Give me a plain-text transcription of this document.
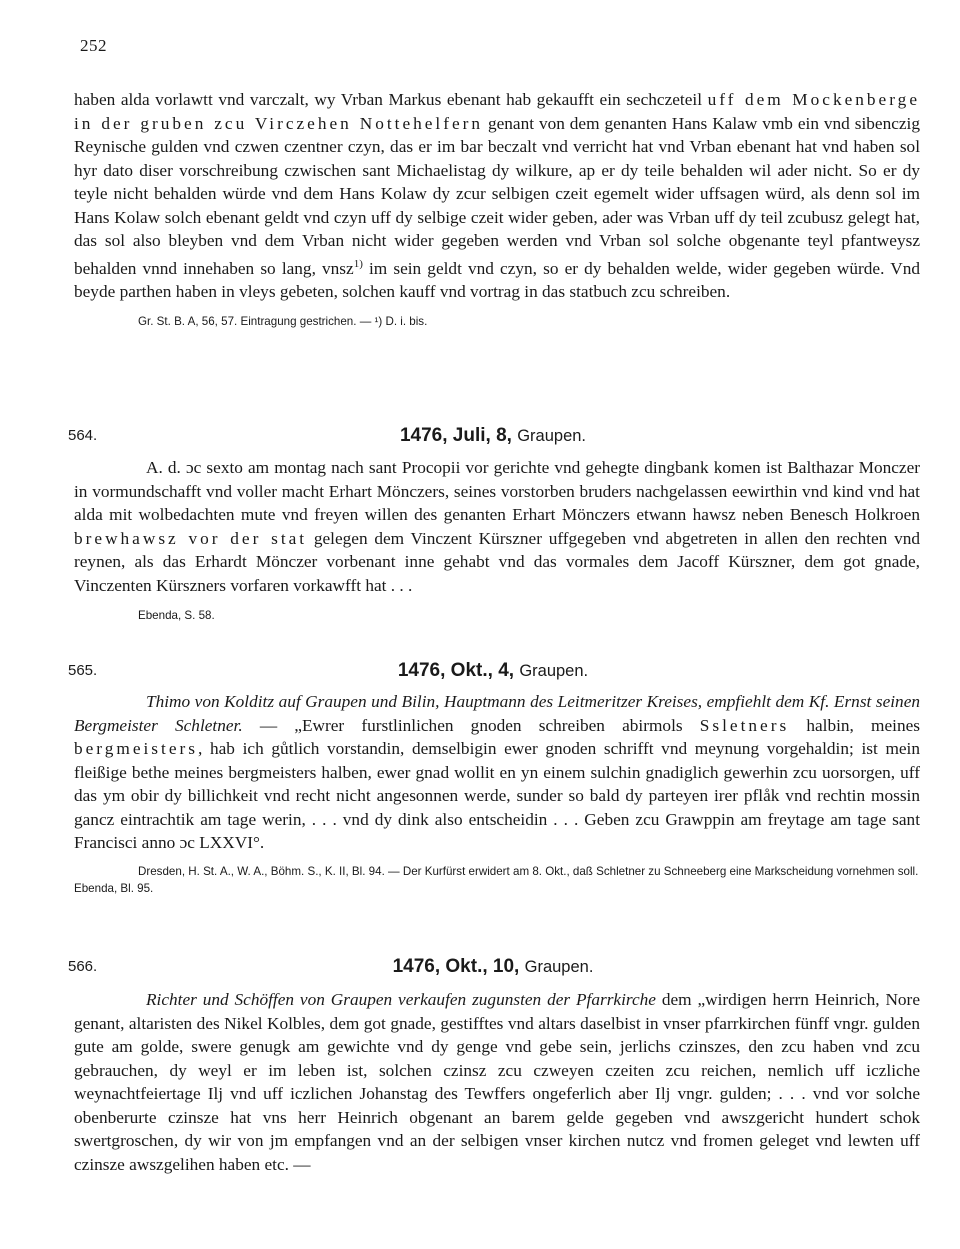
252

haben alda vorlawtt vnd varczalt, wy Vrban Markus ebenant hab gekaufft ein sechczeteil uff dem Mockenberge in der gruben zcu Virczehen Nottehelfern genant von dem genanten Hans Kalaw vmb ein vnd sibenczig Reynische gulden vnd czwen czentner czyn, das er im bar beczalt vnd verricht hat vnd Vrban ebenant hat vnd haben sol hyr dato diser vorschreibung czwischen sant Michaelistag dy wilkure, ap er dy teile behalden wil ader nicht. So er dy teyle nicht behalden würde vnd dem Hans Kolaw dy zcur selbigen czeit egemelt wider uffsagen würd, als denn sol im Hans Kolaw solch ebenant geldt vnd czyn uff dy selbige czeit wider geben, ader was Vrban uff dy teil zcubusz gelegt hat, das sol also bleyben vnd dem Vrban nicht wider gegeben werden vnd Vrban sol solche obgenante teyl pfantweysz behalden vnnd innehaben so lang, vnsz$^{1)}$ im sein geldt vnd czyn, so er dy behalden welde, wider gegeben würde. Vnd beyde parthen haben in vleys gebeten, solchen kauff vnd vortrag in das statbuch zcu schreiben.

Gr. St. B. A, 56, 57. Eintragung gestrichen. — ¹) D. i. bis.

564.	1476, Juli, 8, Graupen.

A. d. ɔc sexto am montag nach sant Procopii vor gerichte vnd gehegte dingbank komen ist Balthazar Monczer in vormundschafft vnd voller macht Erhart Mönczers, seines vorstorben bruders nachgelassen eewirthin vnd kind vnd hat alda mit wolbedachten mute vnd freyen willen des genanten Erhart Mönczers etwann hawsz neben Benesch Holkroen brewhawsz vor der stat gelegen dem Vinczent Kürszner uffgegeben vnd abgetreten in allen den rechten vnd reynen, als das Erhardt Mönczer vorbenant inne gehabt vnd das vormales dem Jacoff Kürszner, dem got gnade, Vinczenten Kürszners vorfaren vorkawfft hat . . .

Ebenda, S. 58.

565.	1476, Okt., 4, Graupen.

Thimo von Kolditz auf Graupen und Bilin, Hauptmann des Leitmeritzer Kreises, empfiehlt dem Kf. Ernst seinen Bergmeister Schletner. — „Ewrer furstlinlichen gnoden schreiben abirmols Ssletners halbin, meines bergmeisters, hab ich gůtlich vorstandin, demselbigin ewer gnoden schrifft vnd meynung vorgehaldin; ist mein fleißige bethe meines bergmeisters halben, ewer gnad wollit en yn einem sulchin gnadiglich gewerhin zcu uorsorgen, uff das ym obir dy billichkeit vnd recht nicht angesonnen werde, sunder so bald dy parteyen irer pflåk vnd rechtin mossin gancz eintrachtik am tage werin, . . . vnd dy dink also entscheidin . . . Geben zcu Grawppin am freytage am tage sant Francisci anno ɔc LXXVI°.

Dresden, H. St. A., W. A., Böhm. S., K. II, Bl. 94. — Der Kurfürst erwidert am 8. Okt., daß Schletner zu Schneeberg eine Markscheidung vornehmen soll. Ebenda, Bl. 95.

566.	1476, Okt., 10, Graupen.

Richter und Schöffen von Graupen verkaufen zugunsten der Pfarrkirche dem „wirdigen herrn Heinrich, Nore genant, altaristen des Nikel Kolbles, dem got gnade, gestifftes vnd altars daselbist in vnser pfarrkirchen fünff vngr. gulden gute am golde, swere genugk am gewichte vnd dy genge vnd gebe sein, jerlichs czinszes, den zcu haben vnd zcu gebrauchen, dy weyl er im leben ist, solchen czinsz zcu czweyen czeiten zcu reichen, nemlich uff iczliche weynachtfeiertage Ilj vnd uff iczlichen Johanstag des Tewffers ongeferlich aber Ilj vngr. gulden; . . . vnd vor solche obenberurte czinsze hat vns herr Heinrich obgenant an barem gelde gegeben vnd awszgericht hundert schok swertgroschen, dy wir von jm empfangen vnd an der selbigen vnser kirchen nutcz vnd fromen geleget vnd lewten uff czinsze awszgelihen haben etc. —
